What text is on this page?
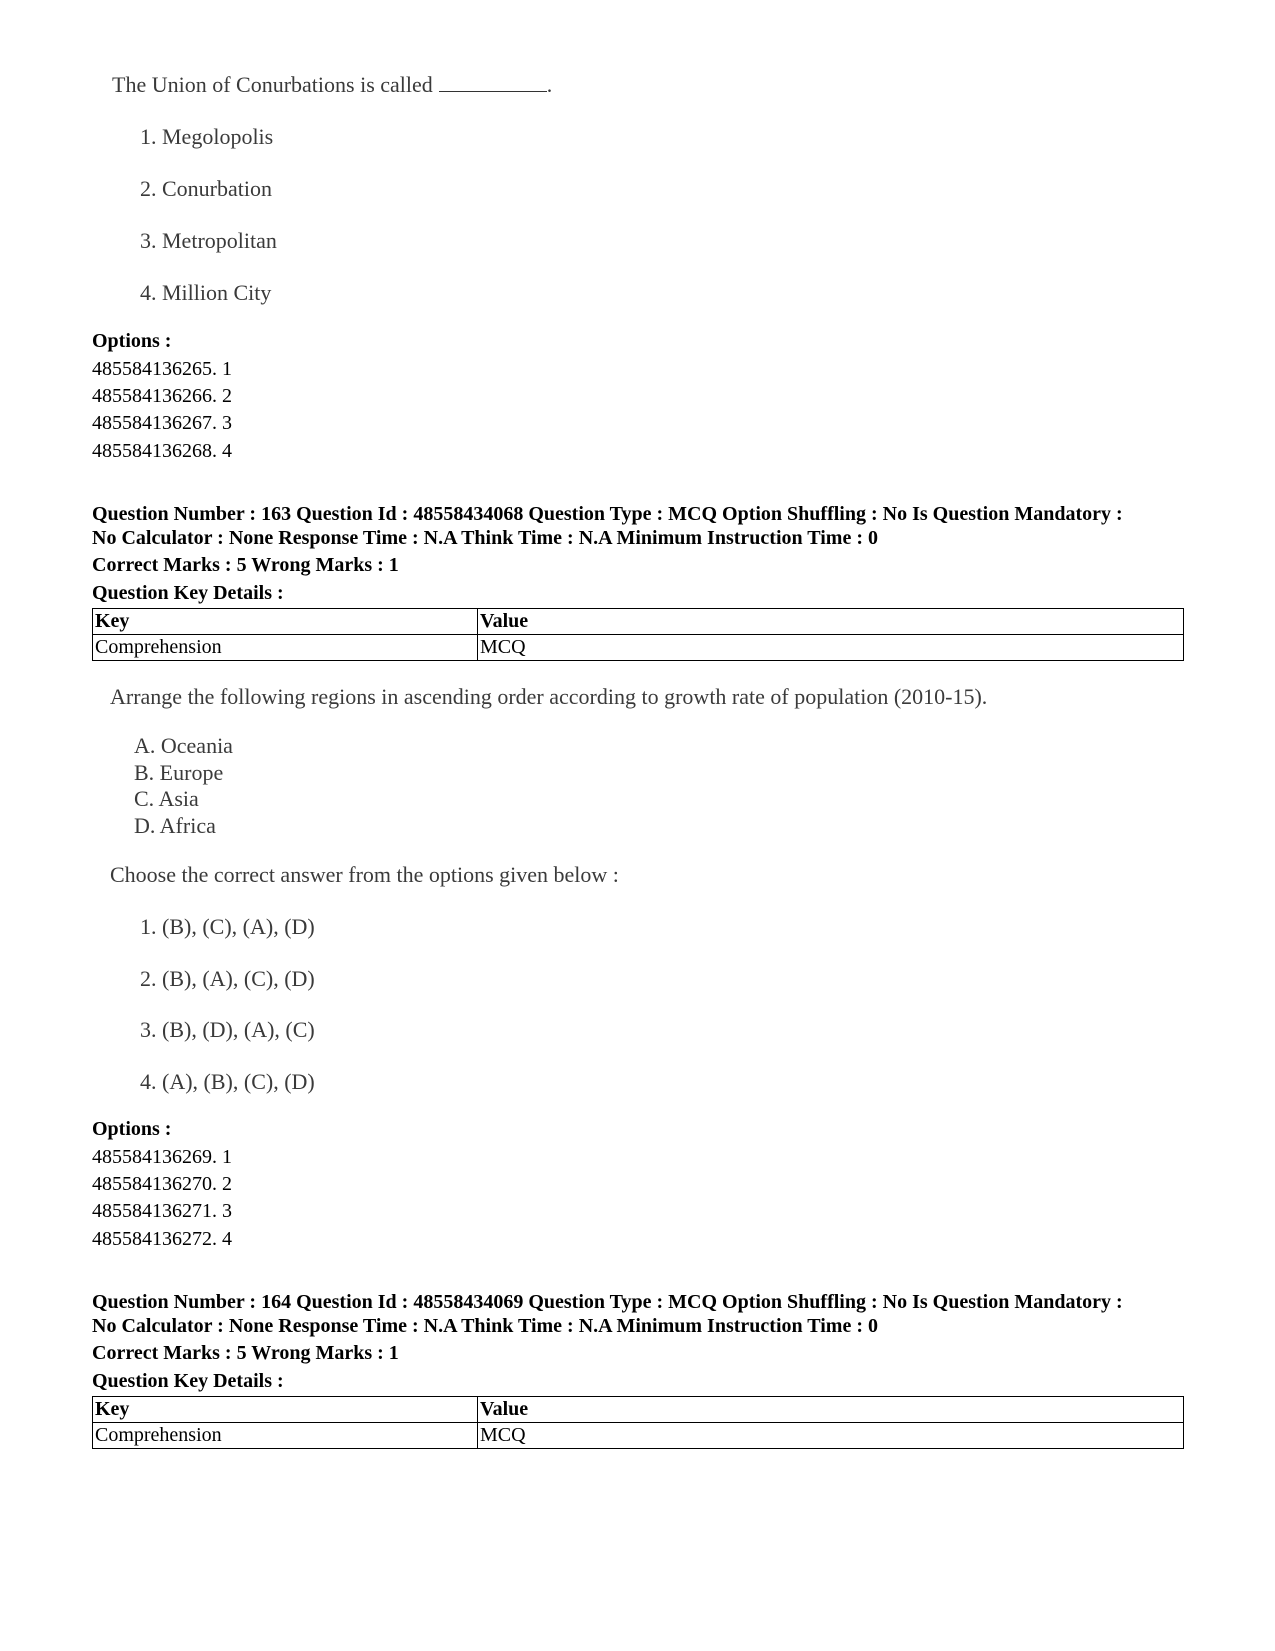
The Union of Conurbations is called	.
1. Megolopolis
2. Conurbation
3. Metropolitan
4. Million City
Options :
485584136265. 1
485584136266. 2
485584136267. 3
485584136268. 4
Question Number : 163 Question Id : 48558434068 Question Type : MCQ Option Shuffling : No Is Question Mandatory :
No Calculator : None Response Time : N.A Think Time : N.A Minimum Instruction Time : 0
Correct Marks : 5 Wrong Marks : 1
Question Key Details :
Key	Value
Comprehension	MCQ
Arrange the following regions in ascending order according to growth rate of population (2010-15).
A. Oceania
B. Europe
C. Asia
D. Africa
Choose the correct answer from the options given below :
1. (B), (C), (A), (D)
2. (B), (A), (C), (D)
3. (B), (D), (A), (C)
4. (A), (B), (C), (D)
Options :
485584136269. 1
485584136270. 2
485584136271. 3
485584136272. 4
Question Number : 164 Question Id : 48558434069 Question Type : MCQ Option Shuffling : No Is Question Mandatory :
No Calculator : None Response Time : N.A Think Time : N.A Minimum Instruction Time : 0
Correct Marks : 5 Wrong Marks : 1
Question Key Details :
Key	Value
Comprehension	MCQ
